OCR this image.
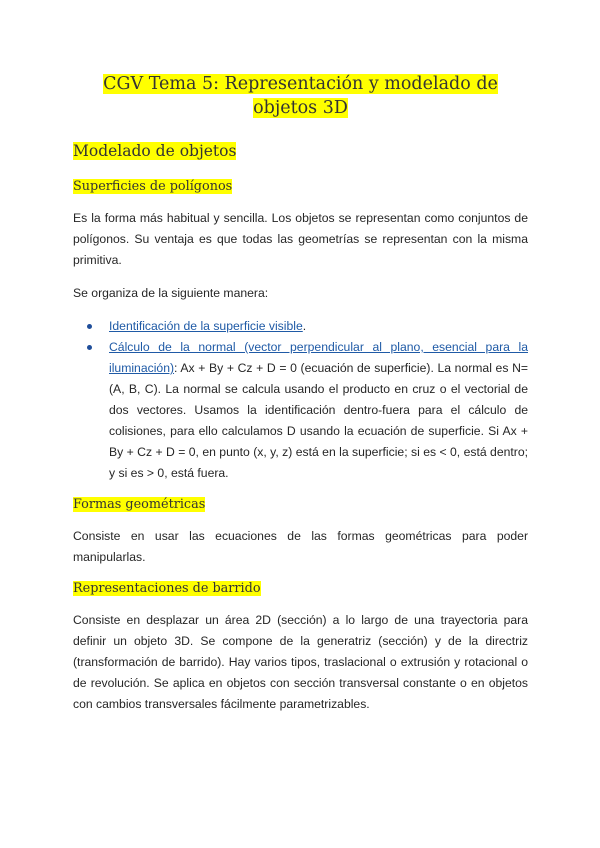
CGV Tema 5: Representación y modelado de objetos 3D
Modelado de objetos
Superficies de polígonos

Es la forma más habitual y sencilla. Los objetos se representan como conjuntos de polígonos. Su ventaja es que todas las geometrías se representan con la misma primitiva.

Se organiza de la siguiente manera:

Identificación de la superficie visible.
Cálculo de la normal (vector perpendicular al plano, esencial para la iluminación): Ax + By + Cz + D = 0 (ecuación de superficie). La normal es N=(A, B, C). La normal se calcula usando el producto en cruz o el vectorial de dos vectores. Usamos la identificación dentro-fuera para el cálculo de colisiones, para ello calculamos D usando la ecuación de superficie. Si Ax + By + Cz + D = 0, en punto (x, y, z) está en la superficie; si es < 0, está dentro; y si es > 0, está fuera.
Formas geométricas

Consiste en usar las ecuaciones de las formas geométricas para poder manipularlas.

Representaciones de barrido

Consiste en desplazar un área 2D (sección) a lo largo de una trayectoria para definir un objeto 3D. Se compone de la generatriz (sección) y de la directriz (transformación de barrido). Hay varios tipos, traslacional o extrusión y rotacional o de revolución. Se aplica en objetos con sección transversal constante o en objetos con cambios transversales fácilmente parametrizables.
